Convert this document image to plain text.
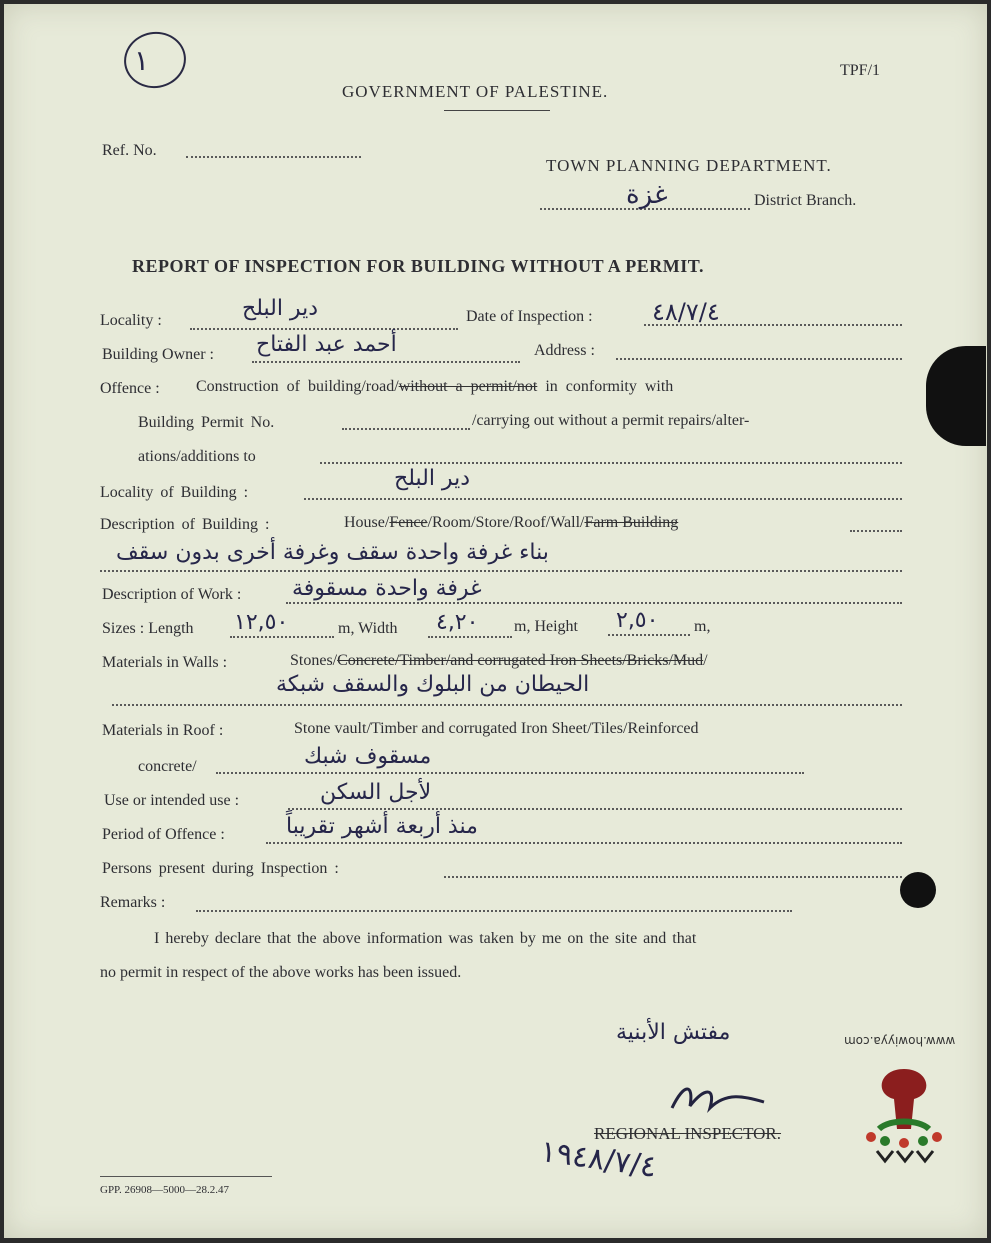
١	TPF/1
GOVERNMENT OF PALESTINE.
Ref. No.
TOWN PLANNING DEPARTMENT.
غزة	District Branch.
REPORT OF INSPECTION FOR BUILDING WITHOUT A PERMIT.
Locality :	دير البلح	Date of Inspection : ٤٨/٧/٤
Building Owner : أحمد عبد الفتاح	Address :
Offence : Construction of building/road/without a permit/not in conformity with
Building Permit No.	/carrying out without a permit repairs/alter-
ations/additions to
Locality of Building :
دير البلح
Description of Building :	House/Fence/Room/Store/Roof/Wall/Farm Building
بناء غرفة واحدة سقف وغرفة أخرى بدون سقف
Description of Work : غرفة واحدة مسقوفة
Sizes : Length ١٢,٥٠	m, Width ٤,٢٠ m, Height ٢,٥٠ m,
Materials in Walls :	Stones/Concrete/Timber/and corrugated Iron Sheets/Bricks/Mud/
الحيطان من البلوك والسقف شبكة
Materials in Roof :	Stone vault/Timber and corrugated Iron Sheet/Tiles/Reinforced
concrete/	مسقوف شبك
Use or intended use :	لأجل السكن
Period of Offence :	منذ أربعة أشهر تقريباً
Persons present during Inspection :
Remarks :
I hereby declare that the above information was taken by me on the site and that
no permit in respect of the above works has been issued.
مفتش الأبنية
REGIONAL INSPECTOR.
١٩٤٨/٧/٤
GPP. 26908—5000—28.2.47
www.howiyya.com
